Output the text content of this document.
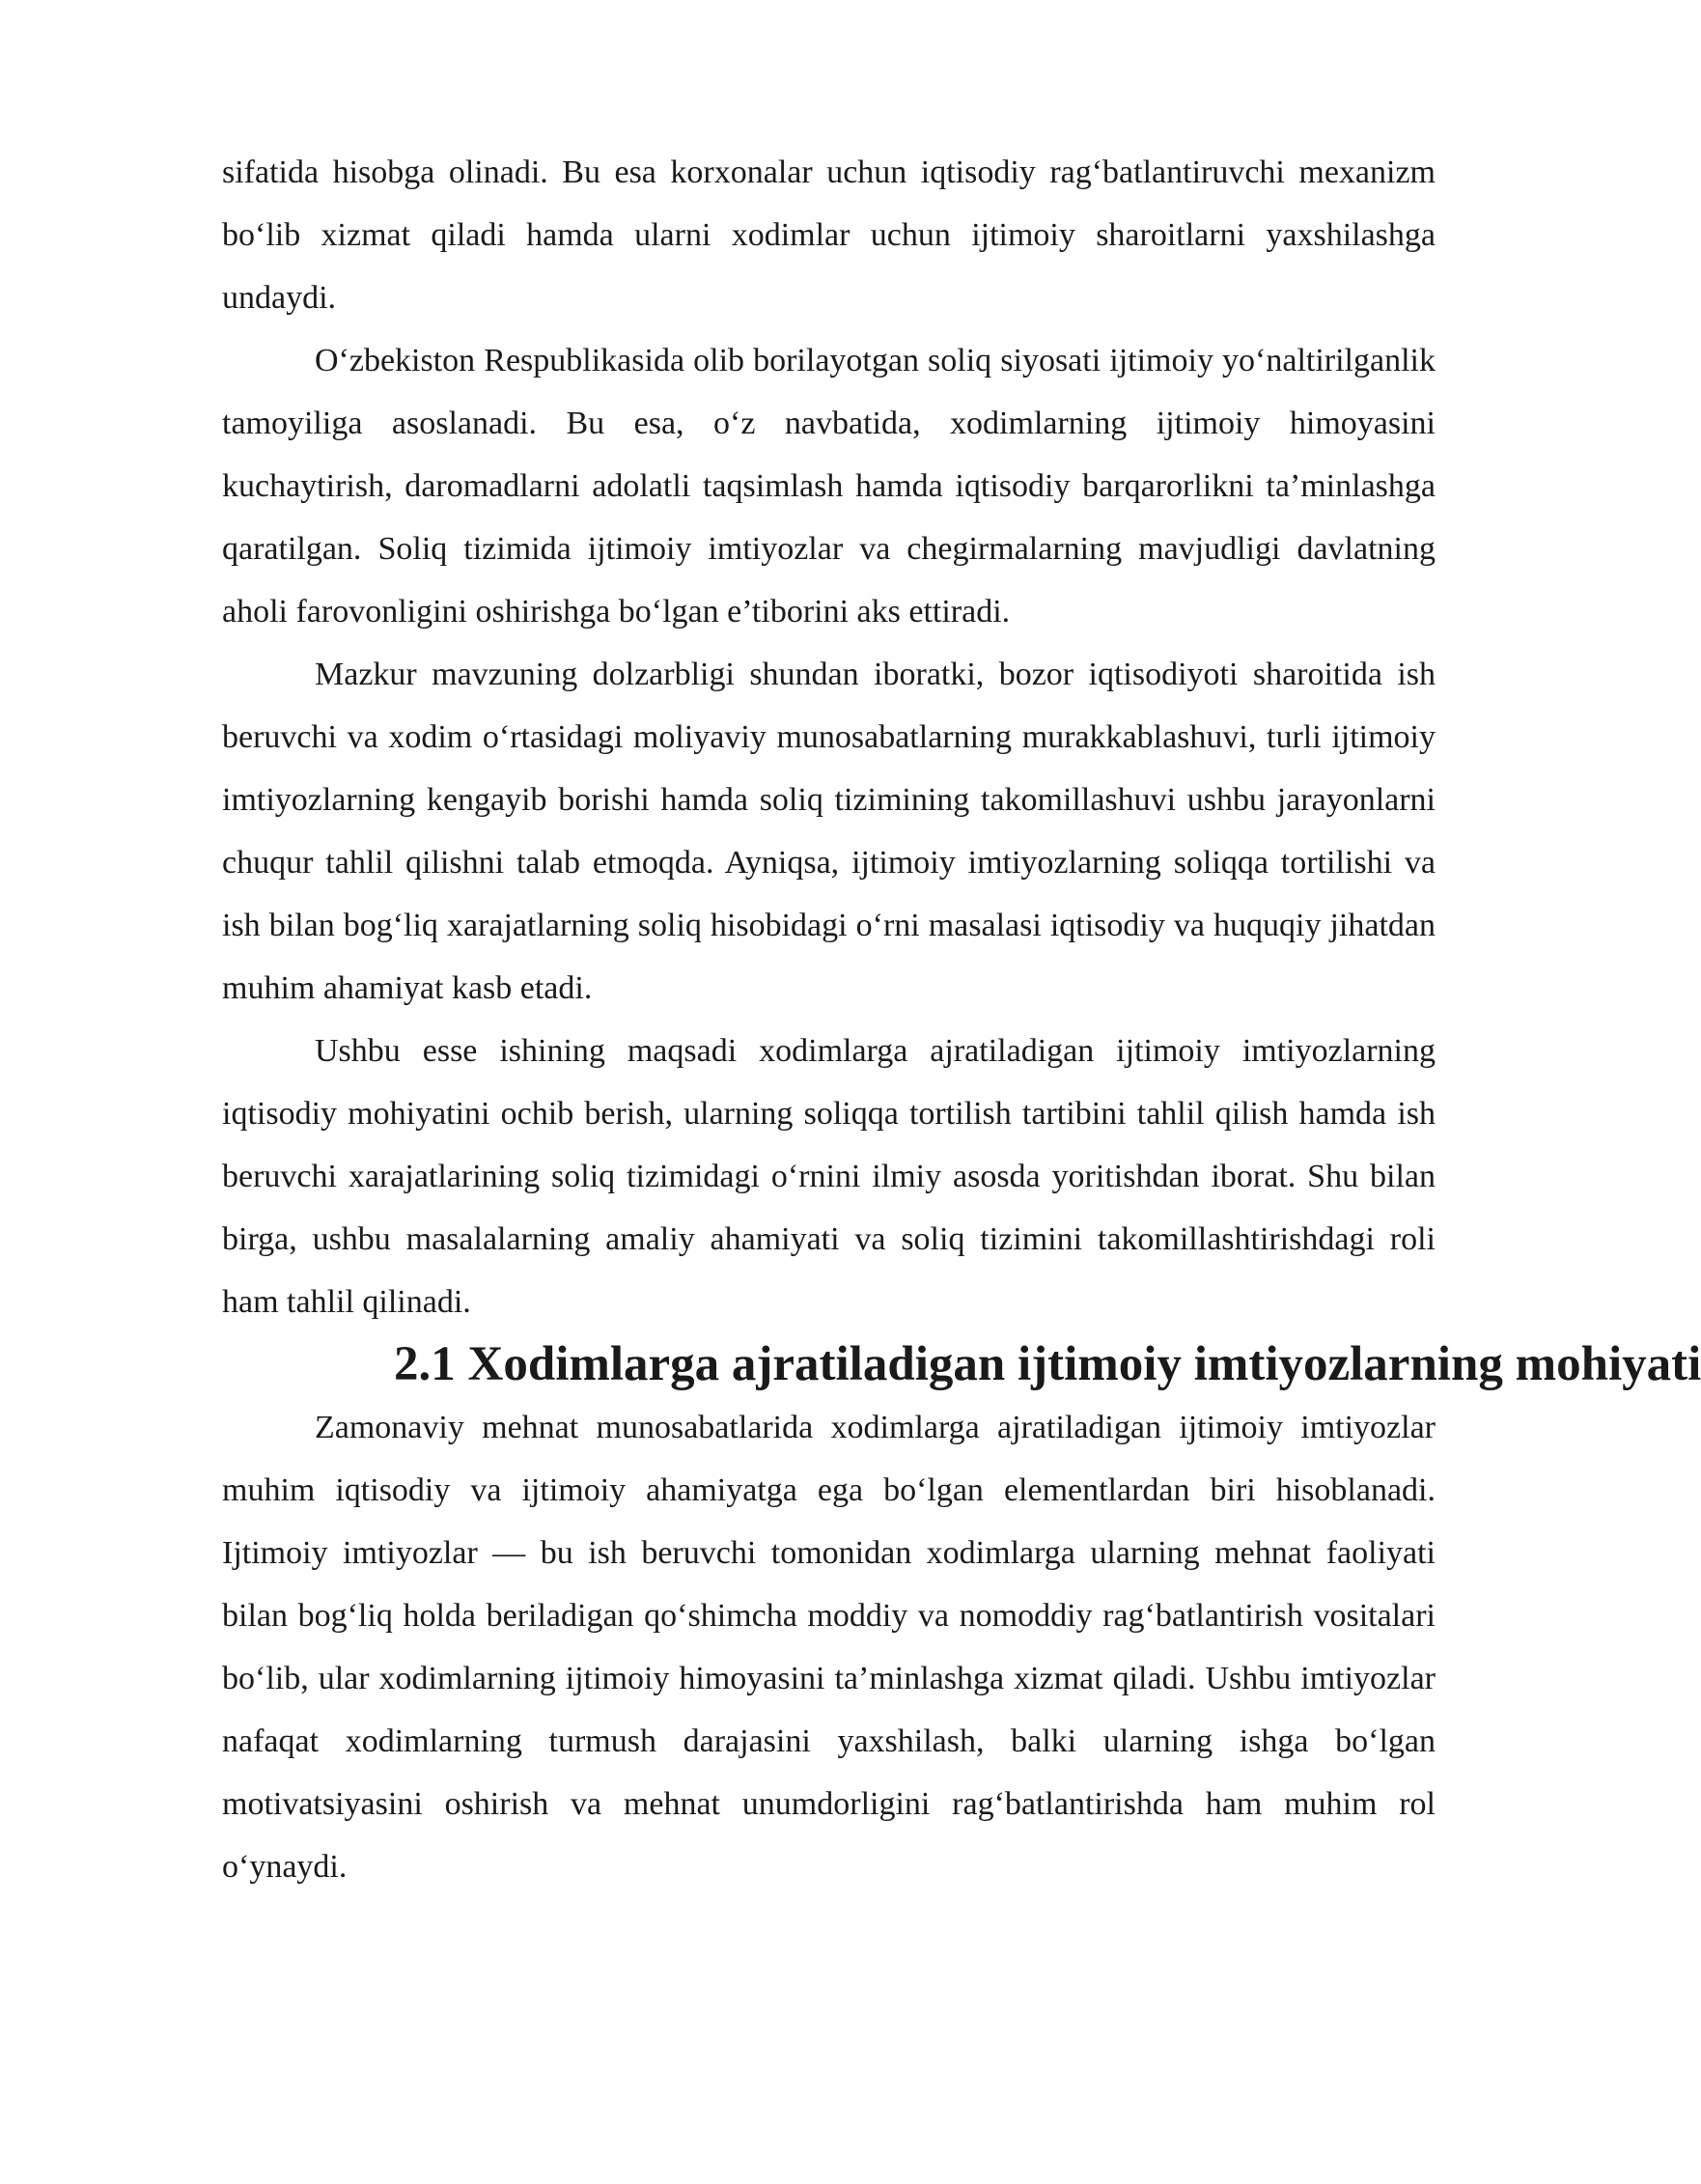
sifatida hisobga olinadi. Bu esa korxonalar uchun iqtisodiy rag‘batlantiruvchi mexanizm bo‘lib xizmat qiladi hamda ularni xodimlar uchun ijtimoiy sharoitlarni yaxshilashga undaydi.

O‘zbekiston Respublikasida olib borilayotgan soliq siyosati ijtimoiy yo‘naltirilganlik tamoyiliga asoslanadi. Bu esa, o‘z navbatida, xodimlarning ijtimoiy himoyasini kuchaytirish, daromadlarni adolatli taqsimlash hamda iqtisodiy barqarorlikni ta’minlashga qaratilgan. Soliq tizimida ijtimoiy imtiyozlar va chegirmalarning mavjudligi davlatning aholi farovonligini oshirishga bo‘lgan e’tiborini aks ettiradi.

Mazkur mavzuning dolzarbligi shundan iboratki, bozor iqtisodiyoti sharoitida ish beruvchi va xodim o‘rtasidagi moliyaviy munosabatlarning murakkablashuvi, turli ijtimoiy imtiyozlarning kengayib borishi hamda soliq tizimining takomillashuvi ushbu jarayonlarni chuqur tahlil qilishni talab etmoqda. Ayniqsa, ijtimoiy imtiyozlarning soliqqa tortilishi va ish bilan bog‘liq xarajatlarning soliq hisobidagi o‘rni masalasi iqtisodiy va huquqiy jihatdan muhim ahamiyat kasb etadi.

Ushbu esse ishining maqsadi xodimlarga ajratiladigan ijtimoiy imtiyozlarning iqtisodiy mohiyatini ochib berish, ularning soliqqa tortilish tartibini tahlil qilish hamda ish beruvchi xarajatlarining soliq tizimidagi o‘rnini ilmiy asosda yoritishdan iborat. Shu bilan birga, ushbu masalalarning amaliy ahamiyati va soliq tizimini takomillashtirishdagi roli ham tahlil qilinadi.

2.1 Xodimlarga ajratiladigan ijtimoiy imtiyozlarning mohiyati

Zamonaviy mehnat munosabatlarida xodimlarga ajratiladigan ijtimoiy imtiyozlar muhim iqtisodiy va ijtimoiy ahamiyatga ega bo‘lgan elementlardan biri hisoblanadi. Ijtimoiy imtiyozlar — bu ish beruvchi tomonidan xodimlarga ularning mehnat faoliyati bilan bog‘liq holda beriladigan qo‘shimcha moddiy va nomoddiy rag‘batlantirish vositalari bo‘lib, ular xodimlarning ijtimoiy himoyasini ta’minlashga xizmat qiladi. Ushbu imtiyozlar nafaqat xodimlarning turmush darajasini yaxshilash, balki ularning ishga bo‘lgan motivatsiyasini oshirish va mehnat unumdorligini rag‘batlantirishda ham muhim rol o‘ynaydi.
